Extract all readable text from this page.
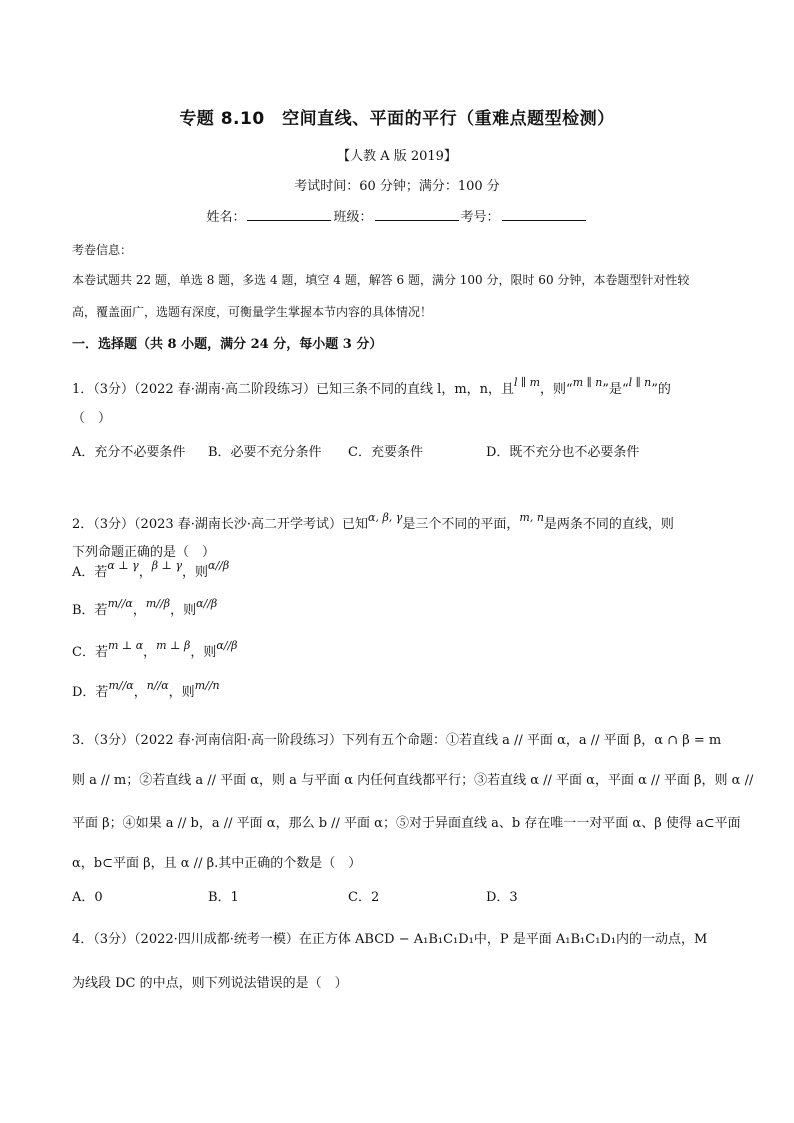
专题 8.10　空间直线、平面的平行（重难点题型检测）
【人教 A 版 2019】
考试时间：60 分钟；满分：100 分
姓名：	班级：	考号：
考卷信息：
本卷试题共 22 题，单选 8 题，多选 4 题，填空 4 题，解答 6 题，满分 100 分，限时 60 分钟，本卷题型针对性较
高，覆盖面广，选题有深度，可衡量学生掌握本节内容的具体情况！
一．选择题（共 8 小题，满分 24 分，每小题 3 分）
1．（3分）（2022 春·湖南·高二阶段练习）已知三条不同的直线 l，m，n，且$^{l \parallel m}$，则“$^{m \parallel n}$”是“$^{l \parallel n}$”的
（　）
A．充分不必要条件 B．必要不充分条件 C．充要条件	D．既不充分也不必要条件
2．（3分）（2023 春·湖南长沙·高二开学考试）已知$^{\alpha, \beta, \gamma}$是三个不同的平面，$^{m, n}$是两条不同的直线，则
下列命题正确的是（　）
A．若$^{\alpha \perp \gamma}$，$^{\beta \perp \gamma}$，则$^{\alpha//\beta}$
B．若$^{m//\alpha}$，$^{m//\beta}$，则$^{\alpha//\beta}$
C．若$^{m \perp \alpha}$，$^{m \perp \beta}$，则$^{\alpha//\beta}$
D．若$^{m//\alpha}$，$^{n//\alpha}$，则$^{m//n}$
3．（3分）（2022 春·河南信阳·高一阶段练习）下列有五个命题：①若直线 a // 平面 α，a // 平面 β，α ∩ β = m
则 a // m；②若直线 a // 平面 α，则 a 与平面 α 内任何直线都平行；③若直线 α // 平面 α，平面 α // 平面 β，则 α //
平面 β；④如果 a // b，a // 平面 α，那么 b // 平面 α；⑤对于异面直线 a、b 存在唯一一对平面 α、β 使得 a⊂平面
α，b⊂平面 β，且 α // β.其中正确的个数是（　）
A．0	B．1	C．2	D．3
4．（3分）（2022·四川成都·统考一模）在正方体 ABCD − A₁B₁C₁D₁中，P 是平面 A₁B₁C₁D₁内的一动点，M
为线段 DC 的中点，则下列说法错误的是（　）
